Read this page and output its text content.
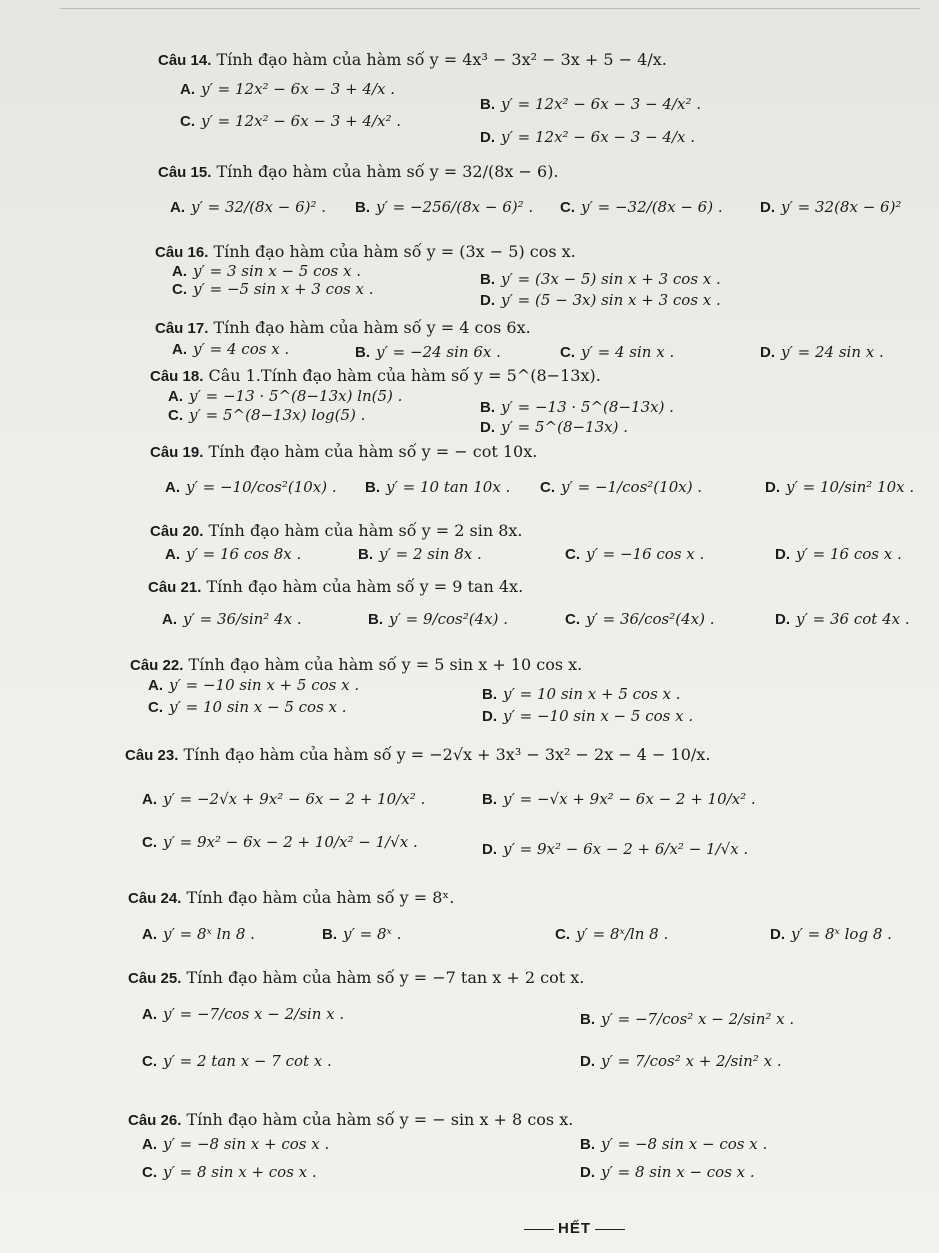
Câu 14. Tính đạo hàm của hàm số y = 4x³ − 3x² − 3x + 5 − 4/x.
A. y′ = 12x² − 6x − 3 + 4/x .
B. y′ = 12x² − 6x − 3 − 4/x² .
C. y′ = 12x² − 6x − 3 + 4/x² .
D. y′ = 12x² − 6x − 3 − 4/x .
Câu 15. Tính đạo hàm của hàm số y = 32/(8x − 6).
A. y′ = 32/(8x − 6)² . B. y′ = −256/(8x − 6)² . C. y′ = −32/(8x − 6) . D. y′ = 32(8x − 6)²
Câu 16. Tính đạo hàm của hàm số y = (3x − 5) cos x.
A. y′ = 3 sin x − 5 cos x .	B. y′ = (3x − 5) sin x + 3 cos x .
C. y′ = −5 sin x + 3 cos x .
D. y′ = (5 − 3x) sin x + 3 cos x .
Câu 17. Tính đạo hàm của hàm số y = 4 cos 6x.
A. y′ = 4 cos x .	B. y′ = −24 sin 6x .	C. y′ = 4 sin x .	D. y′ = 24 sin x .
Câu 18. Câu 1.Tính đạo hàm của hàm số y = 5^(8−13x).
A. y′ = −13 · 5^(8−13x) ln(5) .
B. y′ = −13 · 5^(8−13x) .
C. y′ = 5^(8−13x) log(5) .
D. y′ = 5^(8−13x) .
Câu 19. Tính đạo hàm của hàm số y = − cot 10x.
A. y′ = −10/cos²(10x) . B. y′ = 10 tan 10x . C. y′ = −1/cos²(10x) .	D. y′ = 10/sin² 10x .
Câu 20. Tính đạo hàm của hàm số y = 2 sin 8x.
A. y′ = 16 cos 8x .	B. y′ = 2 sin 8x .	C. y′ = −16 cos x .	D. y′ = 16 cos x .
Câu 21. Tính đạo hàm của hàm số y = 9 tan 4x.
A. y′ = 36/sin² 4x .	B. y′ = 9/cos²(4x) .	C. y′ = 36/cos²(4x) .	D. y′ = 36 cot 4x .
Câu 22. Tính đạo hàm của hàm số y = 5 sin x + 10 cos x.
A. y′ = −10 sin x + 5 cos x .
B. y′ = 10 sin x + 5 cos x .
C. y′ = 10 sin x − 5 cos x .
D. y′ = −10 sin x − 5 cos x .
Câu 23. Tính đạo hàm của hàm số y = −2√x + 3x³ − 3x² − 2x − 4 − 10/x.
A. y′ = −2√x + 9x² − 6x − 2 + 10/x² .	B. y′ = −√x + 9x² − 6x − 2 + 10/x² .
C. y′ = 9x² − 6x − 2 + 10/x² − 1/√x .	D. y′ = 9x² − 6x − 2 + 6/x² − 1/√x .
Câu 24. Tính đạo hàm của hàm số y = 8ˣ.
A. y′ = 8ˣ ln 8 .	B. y′ = 8ˣ .	C. y′ = 8ˣ/ln 8 .	D. y′ = 8ˣ log 8 .
Câu 25. Tính đạo hàm của hàm số y = −7 tan x + 2 cot x.
A. y′ = −7/cos x − 2/sin x .	B. y′ = −7/cos² x − 2/sin² x .
C. y′ = 2 tan x − 7 cot x .	D. y′ = 7/cos² x + 2/sin² x .
Câu 26. Tính đạo hàm của hàm số y = − sin x + 8 cos x.
A. y′ = −8 sin x + cos x .	B. y′ = −8 sin x − cos x .
C. y′ = 8 sin x + cos x .	D. y′ = 8 sin x − cos x .
HẾT
